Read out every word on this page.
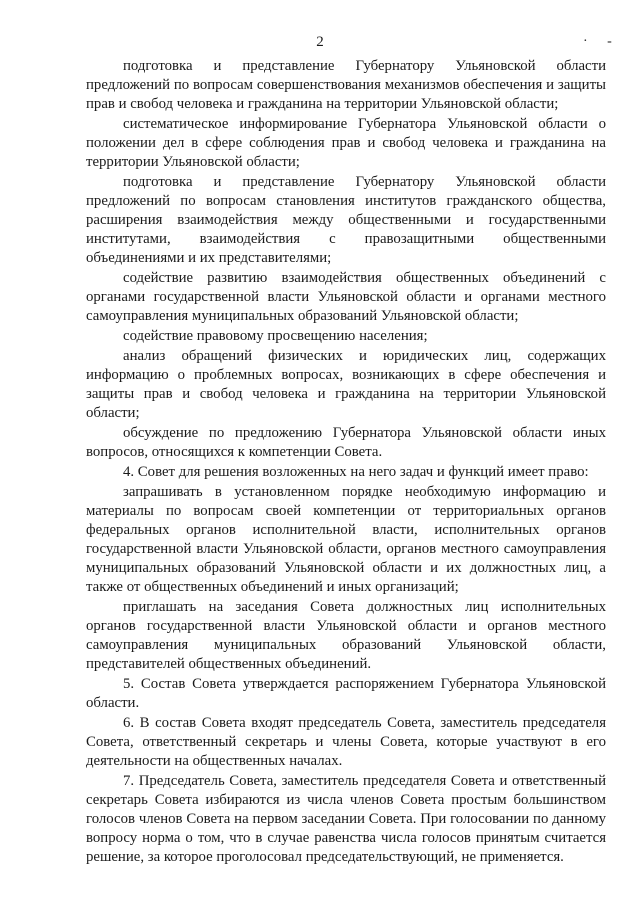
2	· -

подготовка и представление Губернатору Ульяновской области предложений по вопросам совершенствования механизмов обеспечения и защиты прав и свобод человека и гражданина на территории Ульяновской области;

систематическое информирование Губернатора Ульяновской области о положении дел в сфере соблюдения прав и свобод человека и гражданина на территории Ульяновской области;

подготовка и представление Губернатору Ульяновской области предложений по вопросам становления институтов гражданского общества, расширения взаимодействия между общественными и государственными институтами, взаимодействия с правозащитными общественными объединениями и их представителями;

содействие развитию взаимодействия общественных объединений с органами государственной власти Ульяновской области и органами местного самоуправления муниципальных образований Ульяновской области;

содействие правовому просвещению населения;

анализ обращений физических и юридических лиц, содержащих информацию о проблемных вопросах, возникающих в сфере обеспечения и защиты прав и свобод человека и гражданина на территории Ульяновской области;

обсуждение по предложению Губернатора Ульяновской области иных вопросов, относящихся к компетенции Совета.

4. Совет для решения возложенных на него задач и функций имеет право:

запрашивать в установленном порядке необходимую информацию и материалы по вопросам своей компетенции от территориальных органов федеральных органов исполнительной власти, исполнительных органов государственной власти Ульяновской области, органов местного самоуправления муниципальных образований Ульяновской области и их должностных лиц, а также от общественных объединений и иных организаций;

приглашать на заседания Совета должностных лиц исполнительных органов государственной власти Ульяновской области и органов местного самоуправления муниципальных образований Ульяновской области, представителей общественных объединений.

5. Состав Совета утверждается распоряжением Губернатора Ульяновской области.

6. В состав Совета входят председатель Совета, заместитель председателя Совета, ответственный секретарь и члены Совета, которые участвуют в его деятельности на общественных началах.

7. Председатель Совета, заместитель председателя Совета и ответственный секретарь Совета избираются из числа членов Совета простым большинством голосов членов Совета на первом заседании Совета. При голосовании по данному вопросу норма о том, что в случае равенства числа голосов принятым считается решение, за которое проголосовал председательствующий, не применяется.
